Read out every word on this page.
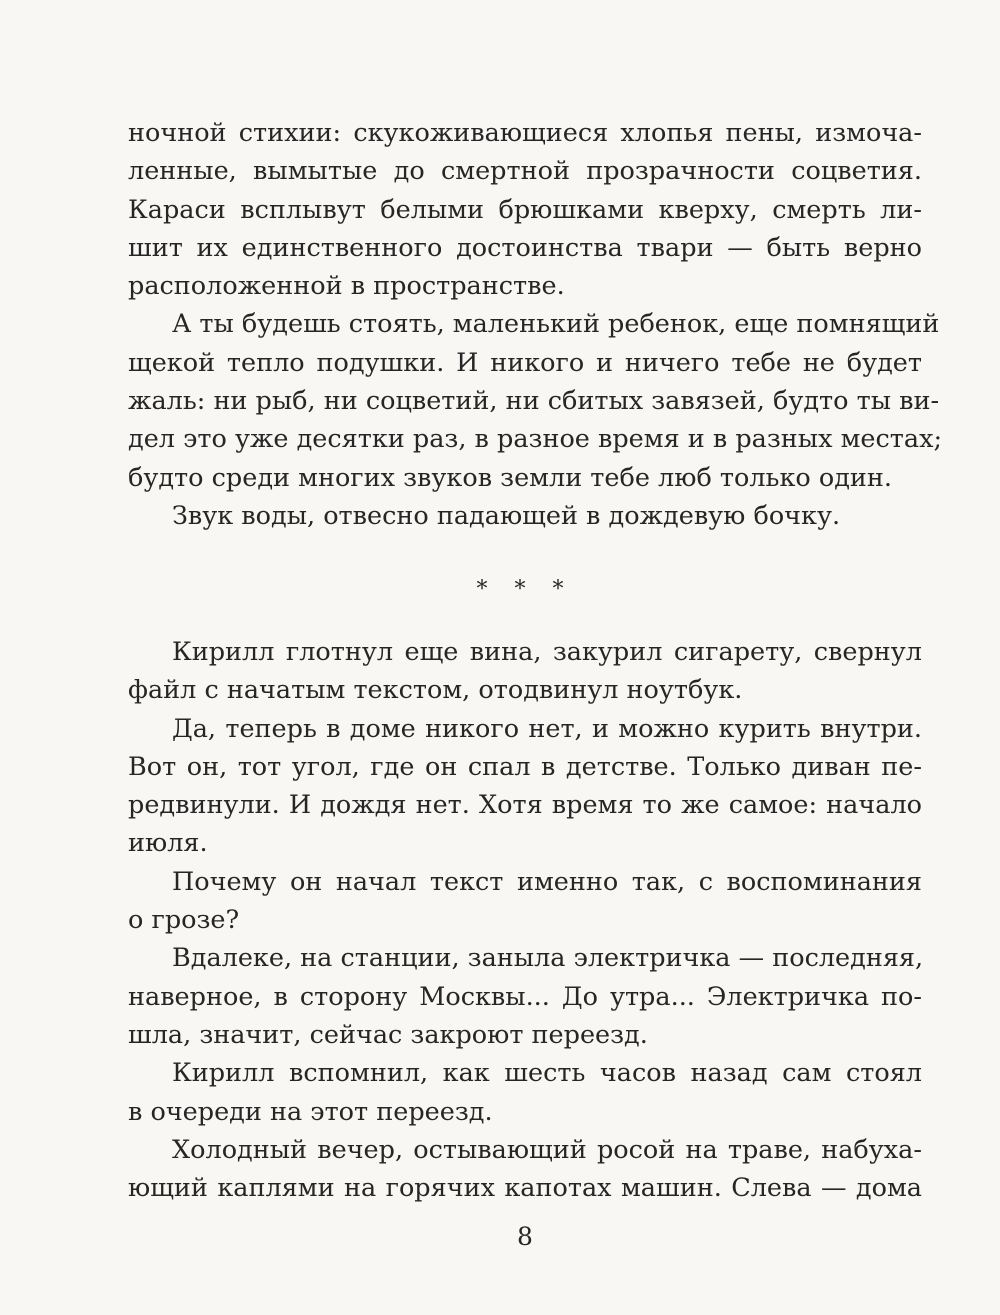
ночной стихии: скукоживающиеся хлопья пены, измоча-
ленные, вымытые до смертной прозрачности соцветия.
Караси всплывут белыми брюшками кверху, смерть ли-
шит их единственного достоинства твари — быть верно
расположенной в пространстве.

А ты будешь стоять, маленький ребенок, еще помнящий
щекой тепло подушки. И никого и ничего тебе не будет
жаль: ни рыб, ни соцветий, ни сбитых завязей, будто ты ви-
дел это уже десятки раз, в разное время и в разных местах;
будто среди многих звуков земли тебе люб только один.

Звук воды, отвесно падающей в дождевую бочку.

* * *

Кирилл глотнул еще вина, закурил сигарету, свернул
файл с начатым текстом, отодвинул ноутбук.

Да, теперь в доме никого нет, и можно курить внутри.
Вот он, тот угол, где он спал в детстве. Только диван пе-
редвинули. И дождя нет. Хотя время то же самое: начало
июля.

Почему он начал текст именно так, с воспоминания
о грозе?

Вдалеке, на станции, заныла электричка — последняя,
наверное, в сторону Москвы... До утра... Электричка по-
шла, значит, сейчас закроют переезд.

Кирилл вспомнил, как шесть часов назад сам стоял
в очереди на этот переезд.

Холодный вечер, остывающий росой на траве, набуха-
ющий каплями на горячих капотах машин. Слева — дома

8
